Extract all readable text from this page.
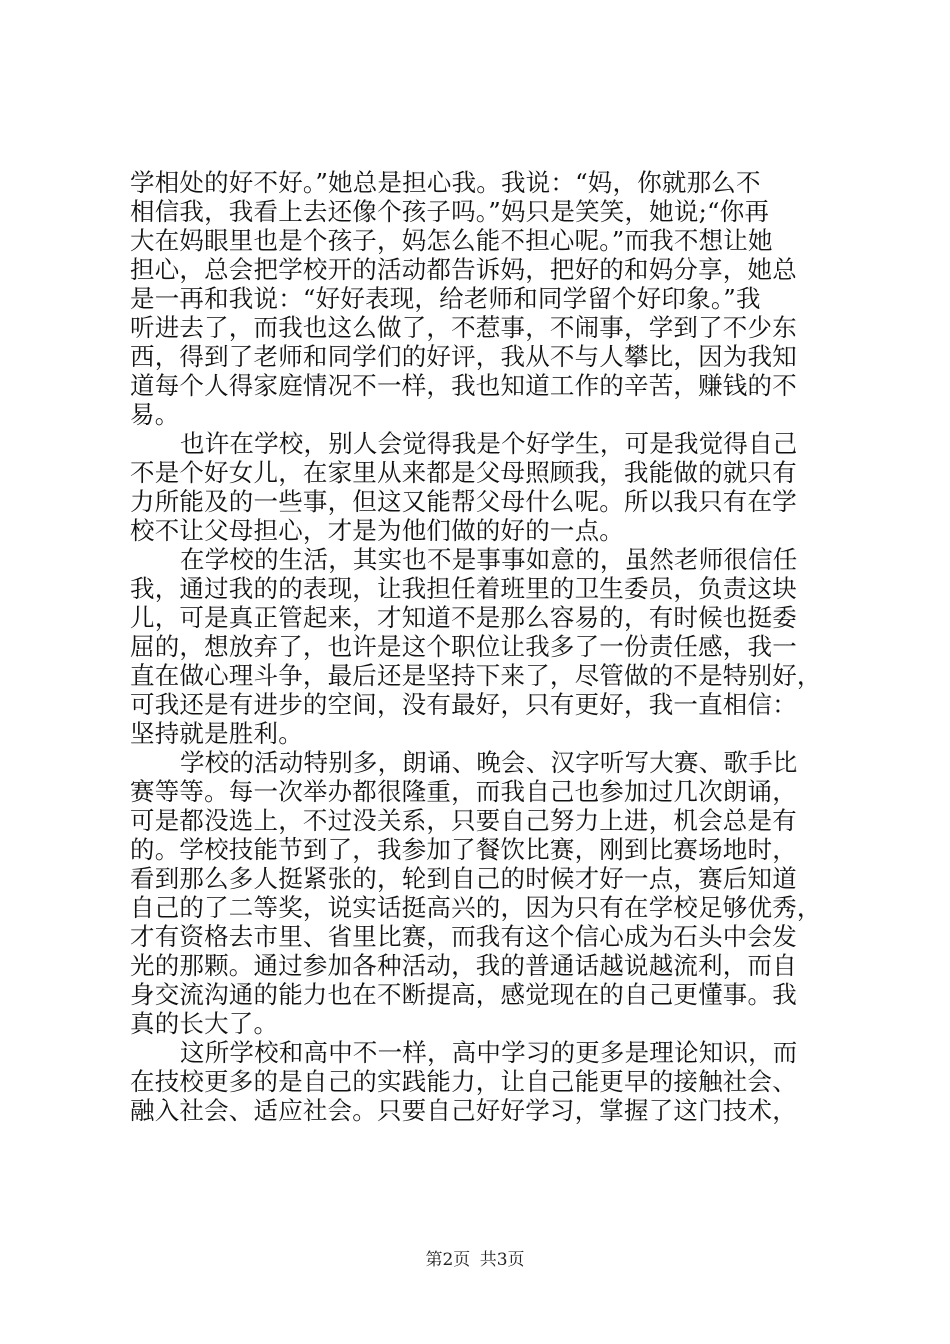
学相处的好不好。”她总是担心我。我说：“妈，你就那么不
相信我，我看上去还像个孩子吗。”妈只是笑笑，她说;“你再
大在妈眼里也是个孩子，妈怎么能不担心呢。”而我不想让她
担心，总会把学校开的活动都告诉妈，把好的和妈分享，她总
是一再和我说：“好好表现，给老师和同学留个好印象。”我
听进去了，而我也这么做了，不惹事，不闹事，学到了不少东
西，得到了老师和同学们的好评，我从不与人攀比，因为我知
道每个人得家庭情况不一样，我也知道工作的辛苦，赚钱的不
易。
也许在学校，别人会觉得我是个好学生，可是我觉得自己
不是个好女儿，在家里从来都是父母照顾我，我能做的就只有
力所能及的一些事，但这又能帮父母什么呢。所以我只有在学
校不让父母担心，才是为他们做的好的一点。
在学校的生活，其实也不是事事如意的，虽然老师很信任
我，通过我的的表现，让我担任着班里的卫生委员，负责这块
儿，可是真正管起来，才知道不是那么容易的，有时候也挺委
屈的，想放弃了，也许是这个职位让我多了一份责任感，我一
直在做心理斗争，最后还是坚持下来了，尽管做的不是特别好，
可我还是有进步的空间，没有最好，只有更好，我一直相信：
坚持就是胜利。
学校的活动特别多，朗诵、晚会、汉字听写大赛、歌手比
赛等等。每一次举办都很隆重，而我自己也参加过几次朗诵，
可是都没选上，不过没关系，只要自己努力上进，机会总是有
的。学校技能节到了，我参加了餐饮比赛，刚到比赛场地时，
看到那么多人挺紧张的，轮到自己的时候才好一点，赛后知道
自己的了二等奖，说实话挺高兴的，因为只有在学校足够优秀，
才有资格去市里、省里比赛，而我有这个信心成为石头中会发
光的那颗。通过参加各种活动，我的普通话越说越流利，而自
身交流沟通的能力也在不断提高，感觉现在的自己更懂事。我
真的长大了。
这所学校和高中不一样，高中学习的更多是理论知识，而
在技校更多的是自己的实践能力，让自己能更早的接触社会、
融入社会、适应社会。只要自己好好学习，掌握了这门技术，
第2页 共3页
